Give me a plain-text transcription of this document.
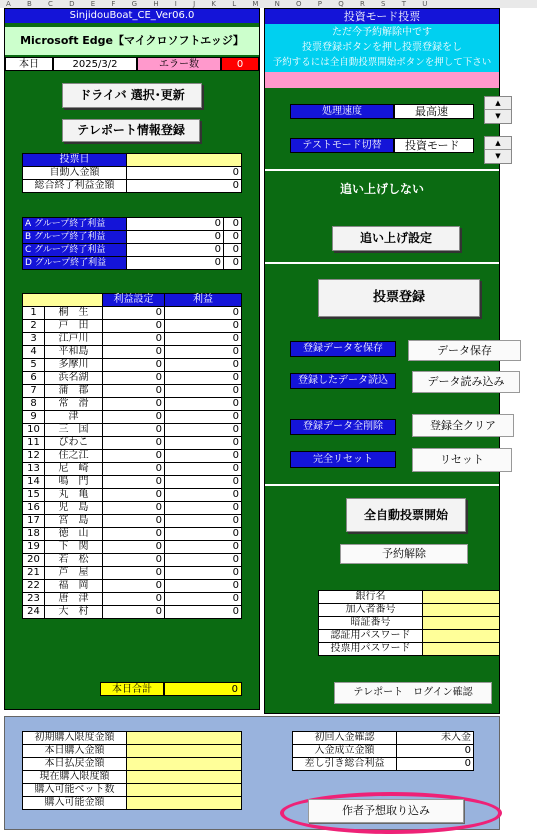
A B C D E F G H I J K L M N O P Q R S T U
SinjidouBoat_CE_Ver06.0
Microsoft Edge【マイクロソフトエッジ】
本日	2025/3/2	エラー数	0
ドライバ 選択･更新
テレポート情報登録
投票日	
自動入金額	0
総合終了利益金額	0
A グループ終了利益	0	0
B グループ終了利益	0	0
C グループ終了利益	0	0
D グループ終了利益	0	0
	利益設定	利益

1 桐　生	0	0

2 戸　田	0	0

3 江戸川	0	0

4 平和島	0	0

5 多摩川	0	0

6 浜名湖	0	0

7 蒲　郡	0	0

8 常　滑	0	0

9 津	0	0

10 三　国	0	0

11 びわこ	0	0

12 住之江	0	0

13 尼　崎	0	0

14 鳴　門	0	0

15 丸　亀	0	0

16 児　島	0	0

17 宮　島	0	0

18 徳　山	0	0

19 下　関	0	0

20 若　松	0	0

21 芦　屋	0	0

22 福　岡	0	0

23 唐　津	0	0

24 大　村	0	0
本日合計	0
投資モード投票
ただ今予約解除中です
投票登録ボタンを押し投票登録をし
予約するには全自動投票開始ボタンを押して下さい
処理速度	最高速
▲
▼
テストモード切替	投資モード	▲
▼
追い上げしない
追い上げ設定
投票登録
登録データを保存	データ保存
登録したデータ読込	データ読み込み
登録データ全削除	登録全クリア
完全リセット	リセット
全自動投票開始
予約解除
銀行名	
加入者番号	
暗証番号	
認証用パスワード	
投票用パスワード	
テレポート　ログイン確認
初期購入限度金額	
本日購入金額	
本日払戻金額	
現在購入限度額	
購入可能ベット数	
購入可能金額	
初回入金確認	未入金
入金成立金額	0
差し引き総合利益	0
作者予想取り込み
